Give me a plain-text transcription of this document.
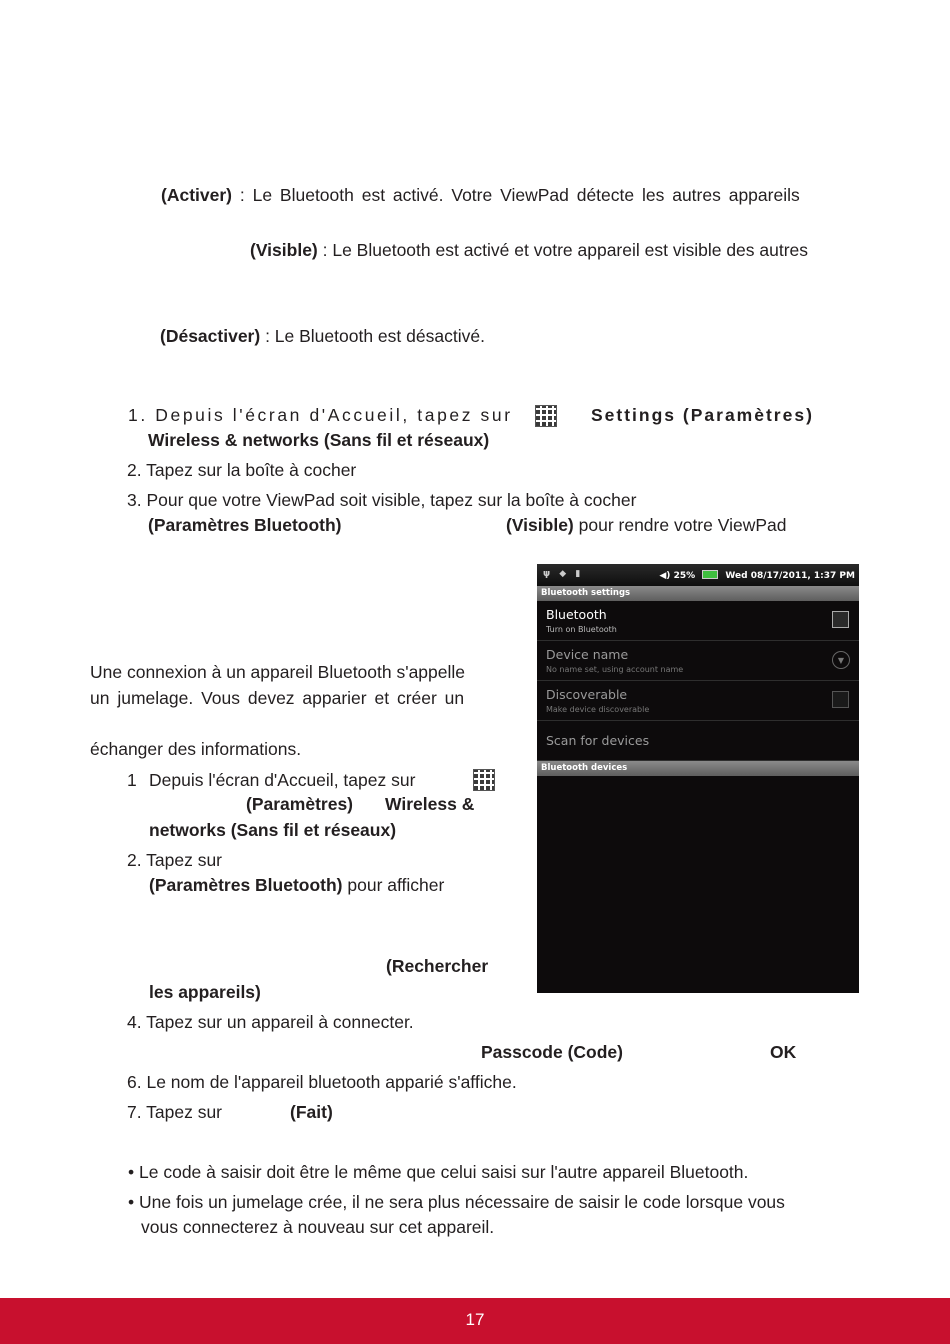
(Activer) : Le Bluetooth est activé. Votre ViewPad détecte les autres appareils
(Visible) : Le Bluetooth est activé et votre appareil est visible des autres
(Désactiver) : Le Bluetooth est désactivé.
1. Depuis l'écran d'Accueil, tapez sur
	Settings (Paramètres)
Wireless & networks (Sans fil et réseaux)
2. Tapez sur la boîte à cocher
3. Pour que votre ViewPad soit visible, tapez sur la boîte à cocher
(Paramètres Bluetooth)	(Visible) pour rendre votre ViewPad
Une connexion à un appareil Bluetooth s'appelle
un jumelage. Vous devez apparier et créer un
échanger des informations.
1 Depuis l'écran d'Accueil, tapez sur
(Paramètres) Wireless &
networks (Sans fil et réseaux)
2. Tapez sur
(Paramètres Bluetooth) pour afficher
(Rechercher
les appareils)
4. Tapez sur un appareil à connecter.
Passcode (Code)	OK
6. Le nom de l'appareil bluetooth apparié s'affiche.
7. Tapez sur	(Fait)
• Le code à saisir doit être le même que celui saisi sur l'autre appareil Bluetooth.
• Une fois un jumelage crée, il ne sera plus nécessaire de saisir le code lorsque vous
vous connecterez à nouveau sur cet appareil.
ψ ◆ ▮	◀) 25%	Wed 08/17/2011, 1:37 PM
Bluetooth settings
Bluetooth
Turn on Bluetooth
Device name
No name set, using account name
▼
Discoverable
Make device discoverable
Scan for devices
Bluetooth devices
17
